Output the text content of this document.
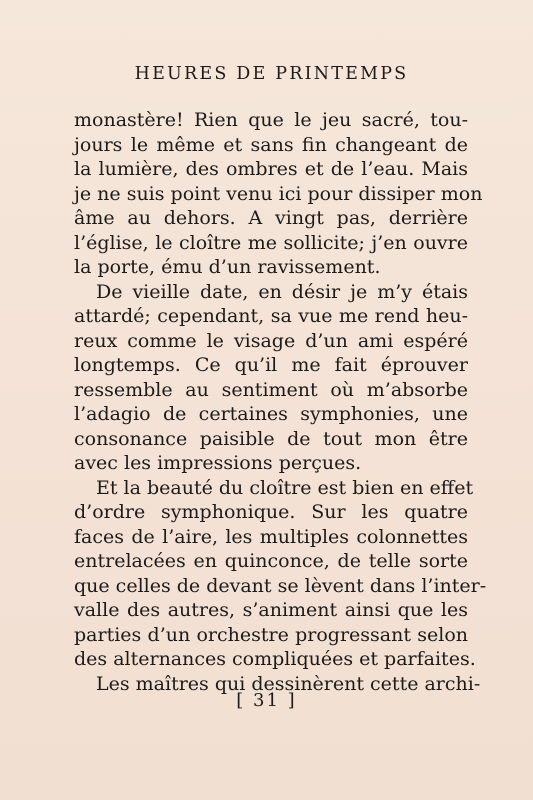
HEURES DE PRINTEMPS
monastère! Rien que le jeu sacré, tou-
jours le même et sans fin changeant de
la lumière, des ombres et de l’eau. Mais
je ne suis point venu ici pour dissiper mon
âme au dehors. A vingt pas, derrière
l’église, le cloître me sollicite; j’en ouvre
la porte, ému d’un ravissement.
De vieille date, en désir je m’y étais
attardé; cependant, sa vue me rend heu-
reux comme le visage d’un ami espéré
longtemps. Ce qu’il me fait éprouver
ressemble au sentiment où m’absorbe
l’adagio de certaines symphonies, une
consonance paisible de tout mon être
avec les impressions perçues.
Et la beauté du cloître est bien en effet
d’ordre symphonique. Sur les quatre
faces de l’aire, les multiples colonnettes
entrelacées en quinconce, de telle sorte
que celles de devant se lèvent dans l’inter-
valle des autres, s’animent ainsi que les
parties d’un orchestre progressant selon
des alternances compliquées et parfaites.
Les maîtres qui dessinèrent cette archi-
[ 31 ]
